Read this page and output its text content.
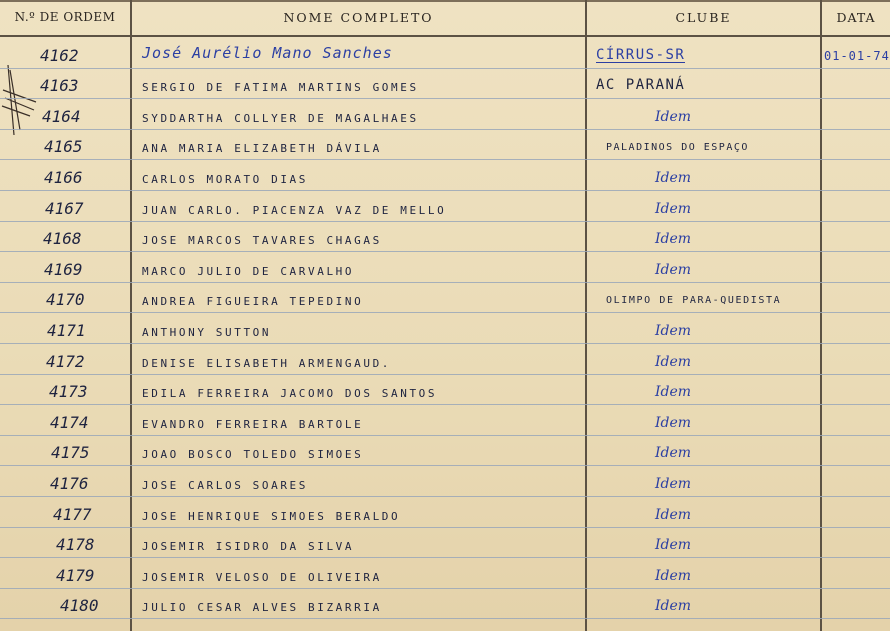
N.º DE ORDEM	NOME COMPLETO	CLUBE	DATA
4162	José Aurélio Mano Sanches	CÍRRUS-SR	01-01-74
4163	SERGIO DE FATIMA MARTINS GOMES	AC PARANÁ
4164	SYDDARTHA COLLYER DE MAGALHAES	Idem
4165	ANA MARIA ELIZABETH DÁVILA	PALADINOS DO ESPAÇO
4166	CARLOS MORATO DIAS	Idem
4167	JUAN CARLO. PIACENZA VAZ DE MELLO	Idem
4168	JOSE MARCOS TAVARES CHAGAS	Idem
4169	MARCO JULIO DE CARVALHO	Idem
4170	ANDREA FIGUEIRA TEPEDINO	OLIMPO DE PARA-QUEDISTA
4171	ANTHONY SUTTON	Idem
4172	DENISE ELISABETH ARMENGAUD.	Idem
4173	EDILA FERREIRA JACOMO DOS SANTOS	Idem
4174	EVANDRO FERREIRA BARTOLE	Idem
4175	JOAO BOSCO TOLEDO SIMOES	Idem
4176	JOSE CARLOS SOARES	Idem
4177	JOSE HENRIQUE SIMOES BERALDO	Idem
4178	JOSEMIR ISIDRO DA SILVA	Idem
4179	JOSEMIR VELOSO DE OLIVEIRA	Idem
4180	JULIO CESAR ALVES BIZARRIA	Idem
